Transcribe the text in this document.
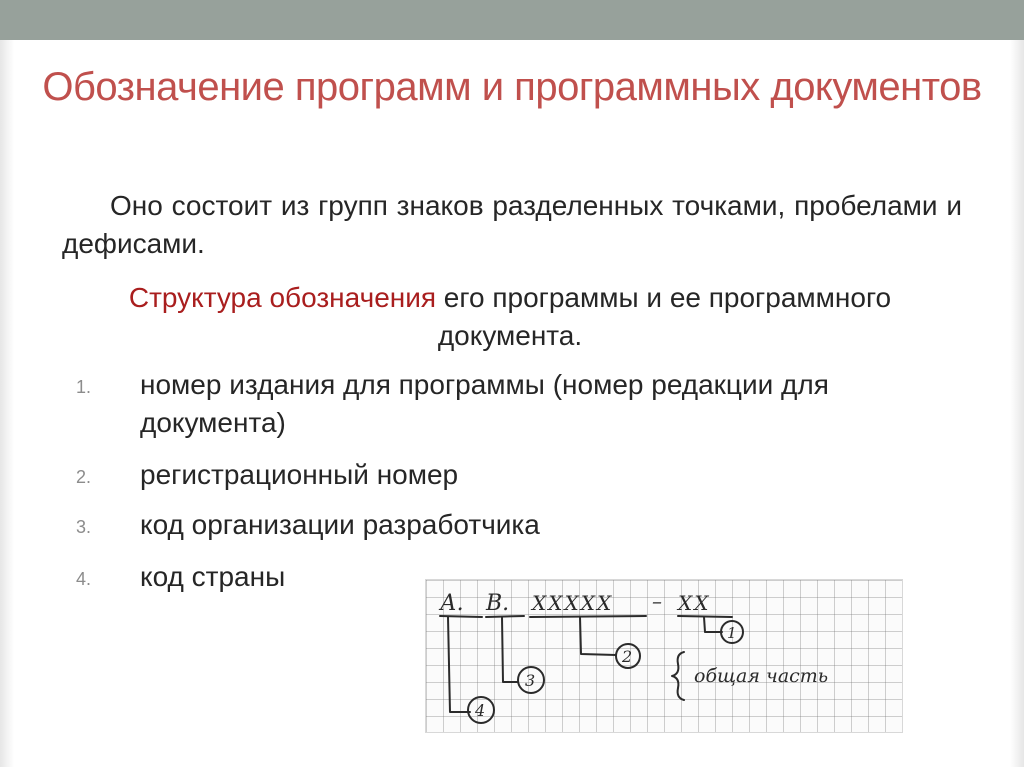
Обозначение программ и программных документов
Оно состоит из групп знаков разделенных точками, пробелами и дефисами.
Структура обозначения его программы и ее программного документа.
1.	номер издания для программы (номер редакции для документа)
2.	регистрационный номер
3.	код организации разработчика
4.	код страны
А. В. XXXXX – XX
1
2
3
4
общая часть
